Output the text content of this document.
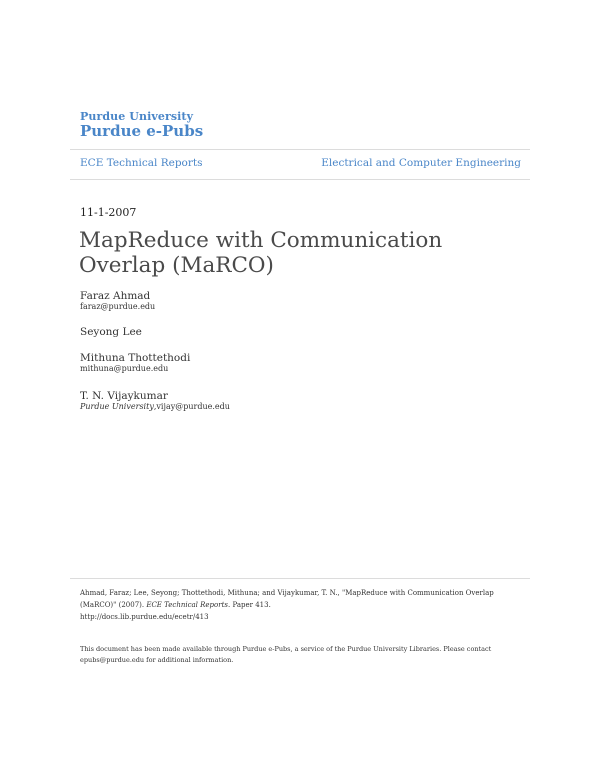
Purdue University
Purdue e-Pubs
ECE Technical Reports	Electrical and Computer Engineering
11-1-2007
MapReduce with Communication Overlap (MaRCO)
Faraz Ahmad
faraz@purdue.edu
Seyong Lee
Mithuna Thottethodi
mithuna@purdue.edu
T. N. Vijaykumar
Purdue University,vijay@purdue.edu
Ahmad, Faraz; Lee, Seyong; Thottethodi, Mithuna; and Vijaykumar, T. N., "MapReduce with Communication Overlap (MaRCO)" (2007). ECE Technical Reports. Paper 413.
http://docs.lib.purdue.edu/ecetr/413
This document has been made available through Purdue e-Pubs, a service of the Purdue University Libraries. Please contact epubs@purdue.edu for additional information.
